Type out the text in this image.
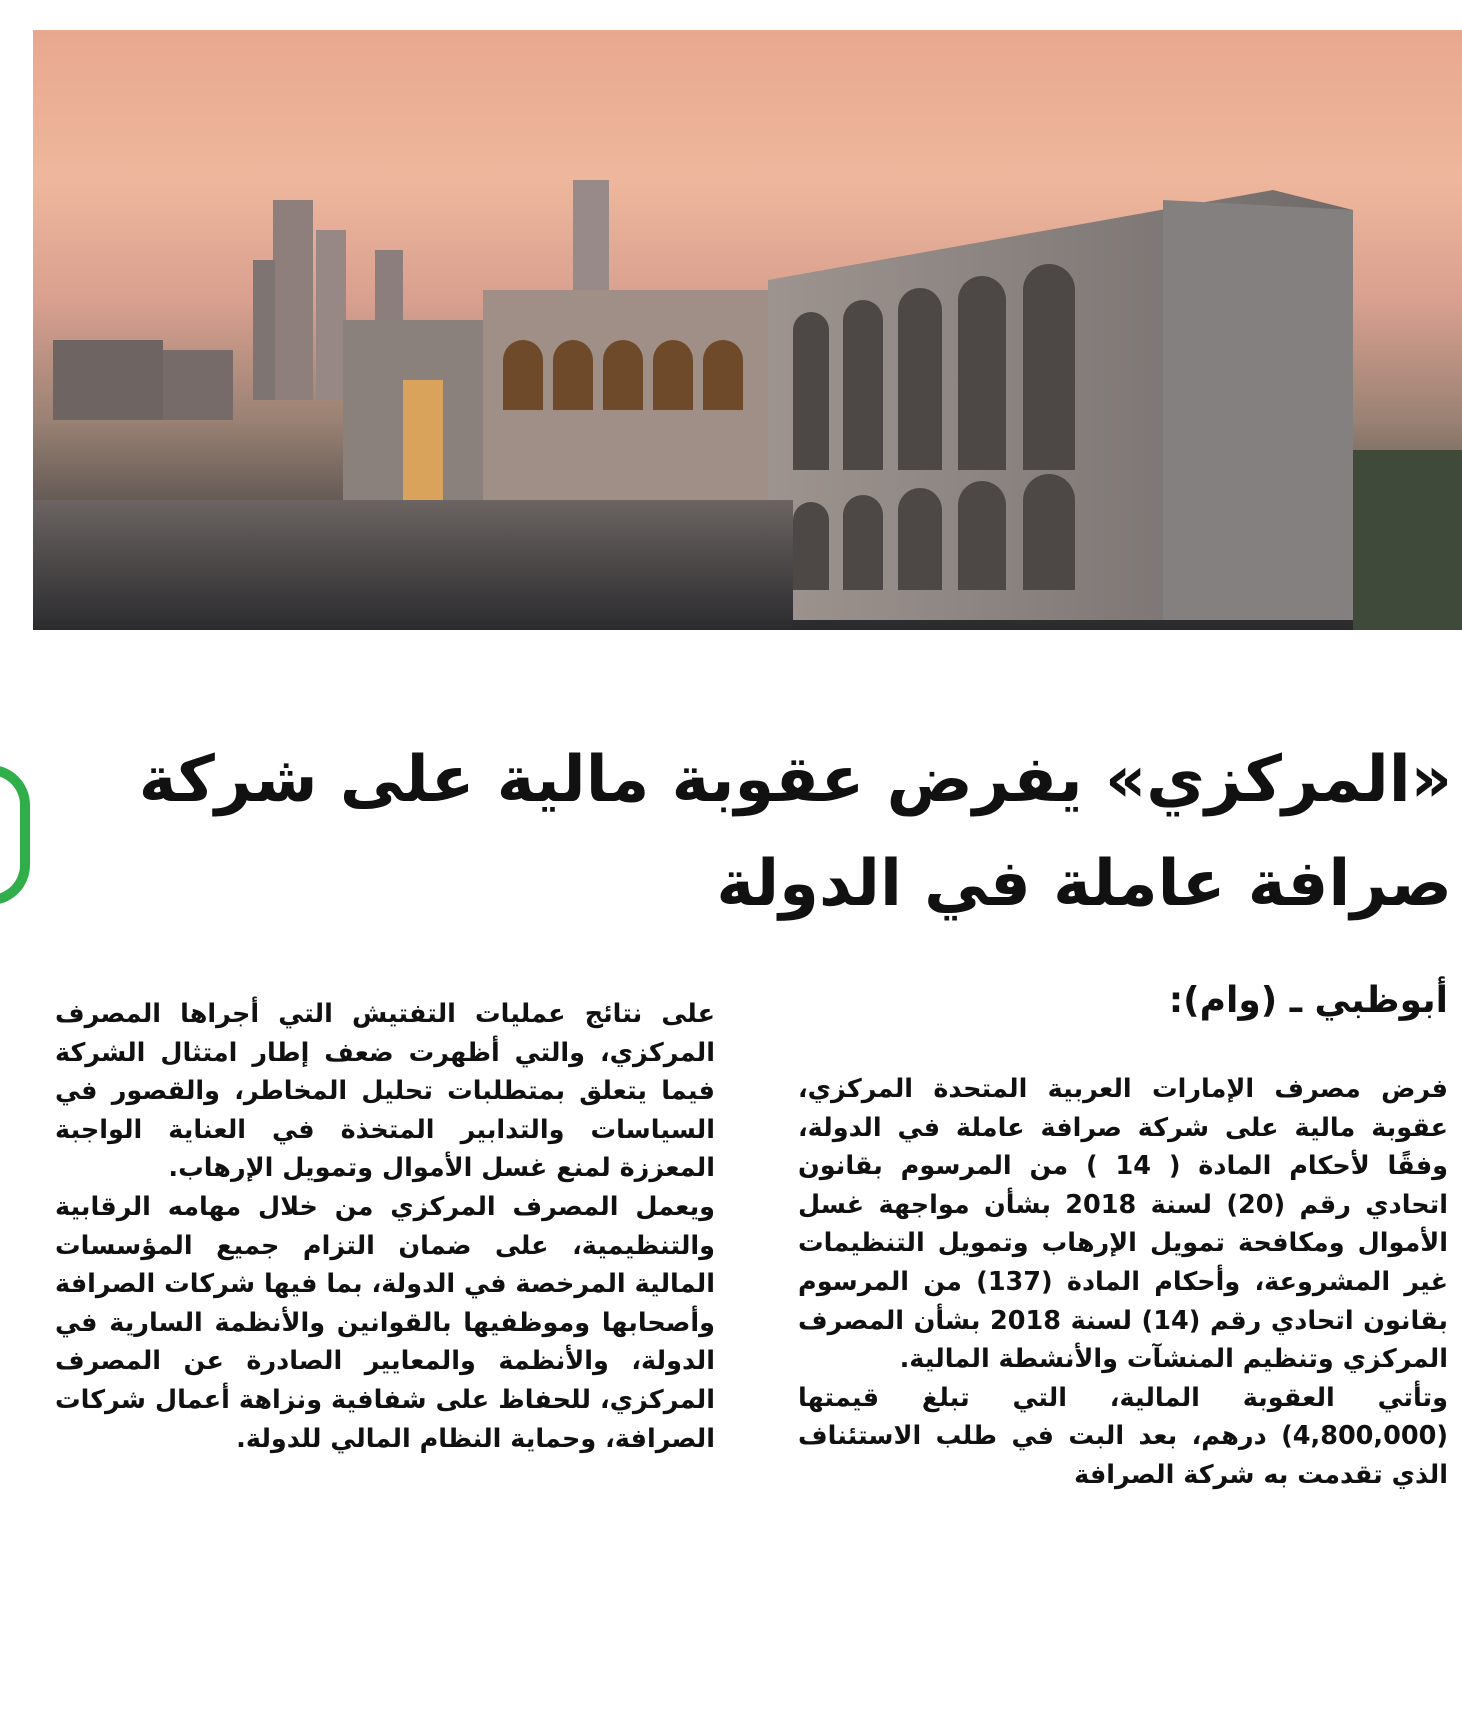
«المركزي» يفرض عقوبة مالية على شركة صرافة عاملة في الدولة
أبوظبي ـ (وام):

فرض مصرف الإمارات العربية المتحدة المركزي، عقوبة مالية على شركة صرافة عاملة في الدولة، وفقًا لأحكام المادة ( 14 ) من المرسوم بقانون اتحادي رقم (20) لسنة 2018 بشأن مواجهة غسل الأموال ومكافحة تمويل الإرهاب وتمويل التنظيمات غير المشروعة، وأحكام المادة (137) من المرسوم بقانون اتحادي رقم (14) لسنة 2018 بشأن المصرف المركزي وتنظيم المنشآت والأنشطة المالية.

وتأتي العقوبة المالية، التي تبلغ قيمتها (4,800,000) درهم، بعد البت في طلب الاستئناف الذي تقدمت به شركة الصرافة

على نتائج عمليات التفتيش التي أجراها المصرف المركزي، والتي أظهرت ضعف إطار امتثال الشركة فيما يتعلق بمتطلبات تحليل المخاطر، والقصور في السياسات والتدابير المتخذة في العناية الواجبة المعززة لمنع غسل الأموال وتمويل الإرهاب.

ويعمل المصرف المركزي من خلال مهامه الرقابية والتنظيمية، على ضمان التزام جميع المؤسسات المالية المرخصة في الدولة، بما فيها شركات الصرافة وأصحابها وموظفيها بالقوانين والأنظمة السارية في الدولة، والأنظمة والمعايير الصادرة عن المصرف المركزي، للحفاظ على شفافية ونزاهة أعمال شركات الصرافة، وحماية النظام المالي للدولة.
